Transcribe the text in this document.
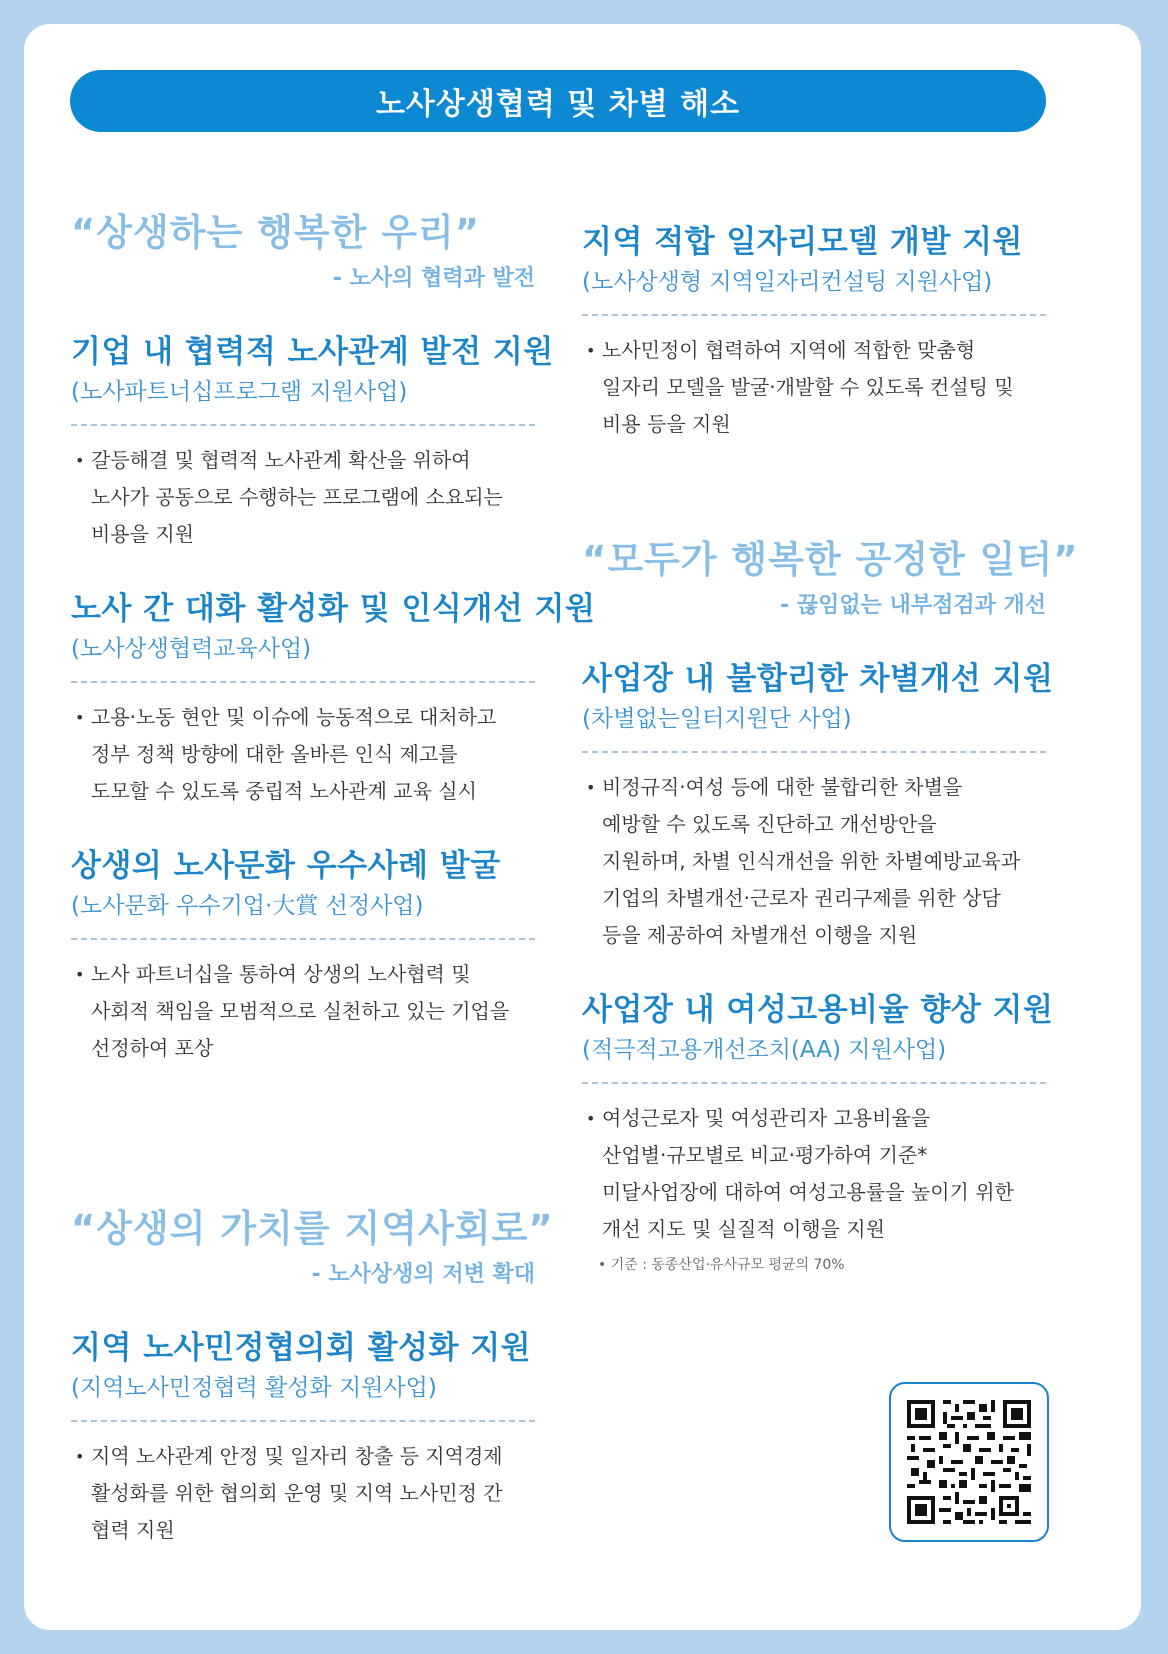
노사상생협력 및 차별 해소
“상생하는 행복한 우리”
- 노사의 협력과 발전
기업 내 협력적 노사관계 발전 지원
(노사파트너십프로그램 지원사업)
• 갈등해결 및 협력적 노사관계 확산을 위하여
노사가 공동으로 수행하는 프로그램에 소요되는
비용을 지원
노사 간 대화 활성화 및 인식개선 지원
(노사상생협력교육사업)
• 고용·노동 현안 및 이슈에 능동적으로 대처하고
정부 정책 방향에 대한 올바른 인식 제고를
도모할 수 있도록 중립적 노사관계 교육 실시
상생의 노사문화 우수사례 발굴
(노사문화 우수기업·大賞 선정사업)
• 노사 파트너십을 통하여 상생의 노사협력 및
사회적 책임을 모범적으로 실천하고 있는 기업을
선정하여 포상
“상생의 가치를 지역사회로”
- 노사상생의 저변 확대
지역 노사민정협의회 활성화 지원
(지역노사민정협력 활성화 지원사업)
• 지역 노사관계 안정 및 일자리 창출 등 지역경제
활성화를 위한 협의회 운영 및 지역 노사민정 간
협력 지원
지역 적합 일자리모델 개발 지원
(노사상생형 지역일자리컨설팅 지원사업)
• 노사민정이 협력하여 지역에 적합한 맞춤형
일자리 모델을 발굴·개발할 수 있도록 컨설팅 및
비용 등을 지원
“모두가 행복한 공정한 일터”
- 끊임없는 내부점검과 개선
사업장 내 불합리한 차별개선 지원
(차별없는일터지원단 사업)
• 비정규직·여성 등에 대한 불합리한 차별을
예방할 수 있도록 진단하고 개선방안을
지원하며, 차별 인식개선을 위한 차별예방교육과
기업의 차별개선·근로자 권리구제를 위한 상담
등을 제공하여 차별개선 이행을 지원
사업장 내 여성고용비율 향상 지원
(적극적고용개선조치(AA) 지원사업)
• 여성근로자 및 여성관리자 고용비율을
산업별·규모별로 비교·평가하여 기준*
미달사업장에 대하여 여성고용률을 높이기 위한
개선 지도 및 실질적 이행을 지원
• 기준 : 동종산업·유사규모 평균의 70%
